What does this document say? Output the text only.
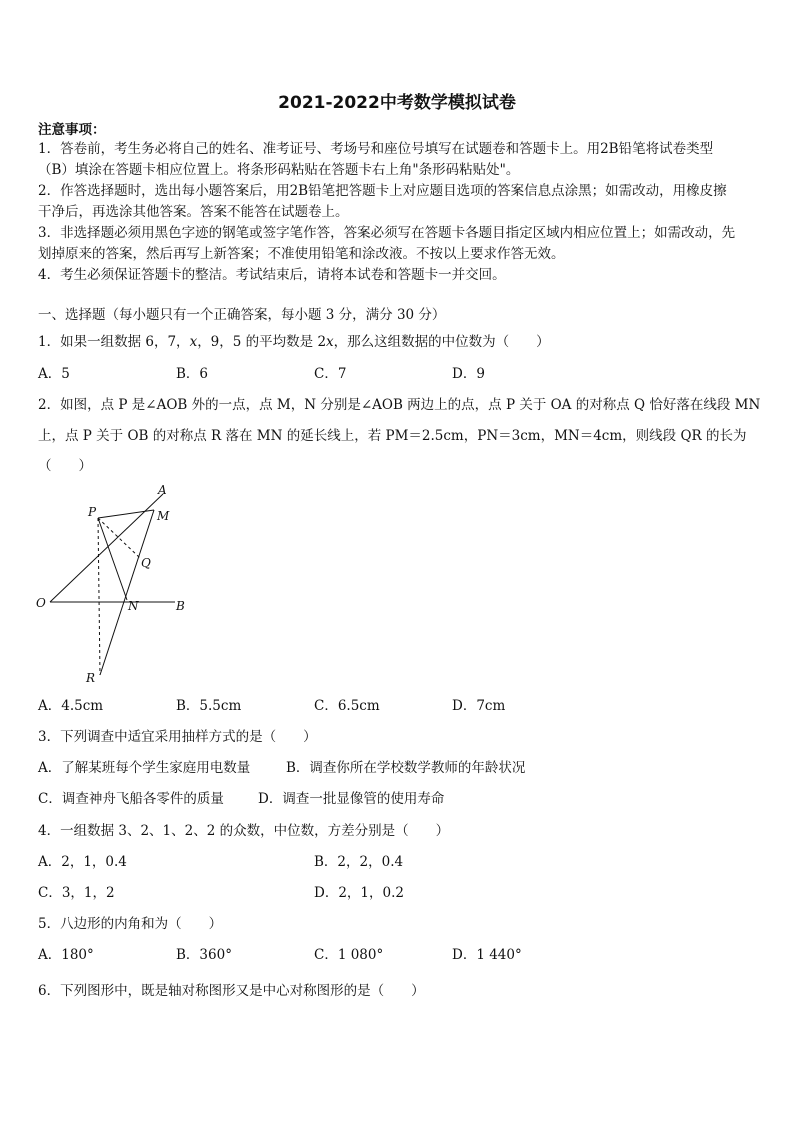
2021-2022中考数学模拟试卷
注意事项：
1．答卷前，考生务必将自己的姓名、准考证号、考场号和座位号填写在试题卷和答题卡上。用2B铅笔将试卷类型
（B）填涂在答题卡相应位置上。将条形码粘贴在答题卡右上角"条形码粘贴处"。
2．作答选择题时，选出每小题答案后，用2B铅笔把答题卡上对应题目选项的答案信息点涂黑；如需改动，用橡皮擦
干净后，再选涂其他答案。答案不能答在试题卷上。
3．非选择题必须用黑色字迹的钢笔或签字笔作答，答案必须写在答题卡各题目指定区域内相应位置上；如需改动，先
划掉原来的答案，然后再写上新答案；不准使用铅笔和涂改液。不按以上要求作答无效。
4．考生必须保证答题卡的整洁。考试结束后，请将本试卷和答题卡一并交回。
一、选择题（每小题只有一个正确答案，每小题 3 分，满分 30 分）
1．如果一组数据 6，7，x，9，5 的平均数是 2x，那么这组数据的中位数为（　　）
A．5	B．6	C．7	D．9
2．如图，点 P 是∠AOB 外的一点，点 M，N 分别是∠AOB 两边上的点，点 P 关于 OA 的对称点 Q 恰好落在线段 MN
上，点 P 关于 OB 的对称点 R 落在 MN 的延长线上，若 PM＝2.5cm，PN＝3cm，MN＝4cm，则线段 QR 的长为
（　　）
A
P	M
Q
O	N	B
R
A．4.5cm	B．5.5cm	C．6.5cm	D．7cm
3．下列调查中适宜采用抽样方式的是（　　）
A．了解某班每个学生家庭用电数量	B．调查你所在学校数学教师的年龄状况
C．调查神舟飞船各零件的质量	D．调查一批显像管的使用寿命
4．一组数据 3、2、1、2、2 的众数，中位数，方差分别是（　　）
A．2，1，0.4	B．2，2，0.4
C．3，1，2	D．2，1，0.2
5．八边形的内角和为（　　）
A．180°	B．360°	C．1 080°	D．1 440°
6．下列图形中，既是轴对称图形又是中心对称图形的是（　　）
